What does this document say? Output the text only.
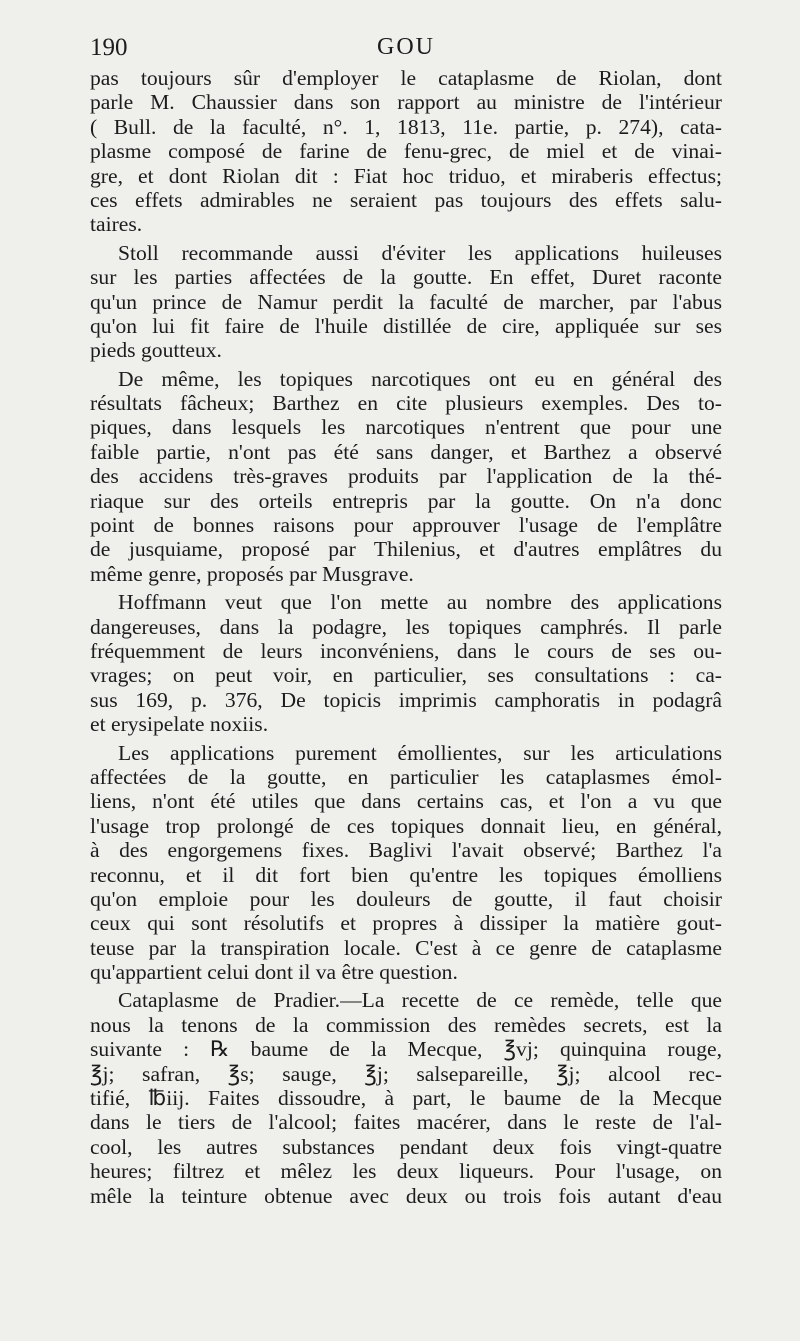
190	GOU
pas toujours sûr d'employer le cataplasme de Riolan, dont
parle M. Chaussier dans son rapport au ministre de l'intérieur
( Bull. de la faculté, n°. 1, 1813, 11e. partie, p. 274), cata-
plasme composé de farine de fenu-grec, de miel et de vinai-
gre, et dont Riolan dit : Fiat hoc triduo, et miraberis effectus;
ces effets admirables ne seraient pas toujours des effets salu-
taires.
Stoll recommande aussi d'éviter les applications huileuses
sur les parties affectées de la goutte. En effet, Duret raconte
qu'un prince de Namur perdit la faculté de marcher, par l'abus
qu'on lui fit faire de l'huile distillée de cire, appliquée sur ses
pieds goutteux.
De même, les topiques narcotiques ont eu en général des
résultats fâcheux; Barthez en cite plusieurs exemples. Des to-
piques, dans lesquels les narcotiques n'entrent que pour une
faible partie, n'ont pas été sans danger, et Barthez a observé
des accidens très-graves produits par l'application de la thé-
riaque sur des orteils entrepris par la goutte. On n'a donc
point de bonnes raisons pour approuver l'usage de l'emplâtre
de jusquiame, proposé par Thilenius, et d'autres emplâtres du
même genre, proposés par Musgrave.
Hoffmann veut que l'on mette au nombre des applications
dangereuses, dans la podagre, les topiques camphrés. Il parle
fréquemment de leurs inconvéniens, dans le cours de ses ou-
vrages; on peut voir, en particulier, ses consultations : ca-
sus 169, p. 376, De topicis imprimis camphoratis in podagrâ
et erysipelate noxiis.
Les applications purement émollientes, sur les articulations
affectées de la goutte, en particulier les cataplasmes émol-
liens, n'ont été utiles que dans certains cas, et l'on a vu que
l'usage trop prolongé de ces topiques donnait lieu, en général,
à des engorgemens fixes. Baglivi l'avait observé; Barthez l'a
reconnu, et il dit fort bien qu'entre les topiques émolliens
qu'on emploie pour les douleurs de goutte, il faut choisir
ceux qui sont résolutifs et propres à dissiper la matière gout-
teuse par la transpiration locale. C'est à ce genre de cataplasme
qu'appartient celui dont il va être question.
Cataplasme de Pradier.—La recette de ce remède, telle que
nous la tenons de la commission des remèdes secrets, est la
suivante : ℞ baume de la Mecque, ℥vj; quinquina rouge,
℥j; safran, ℥s; sauge, ℥j; salsepareille, ℥j; alcool rec-
tifié, ℔iij. Faites dissoudre, à part, le baume de la Mecque
dans le tiers de l'alcool; faites macérer, dans le reste de l'al-
cool, les autres substances pendant deux fois vingt-quatre
heures; filtrez et mêlez les deux liqueurs. Pour l'usage, on
mêle la teinture obtenue avec deux ou trois fois autant d'eau
